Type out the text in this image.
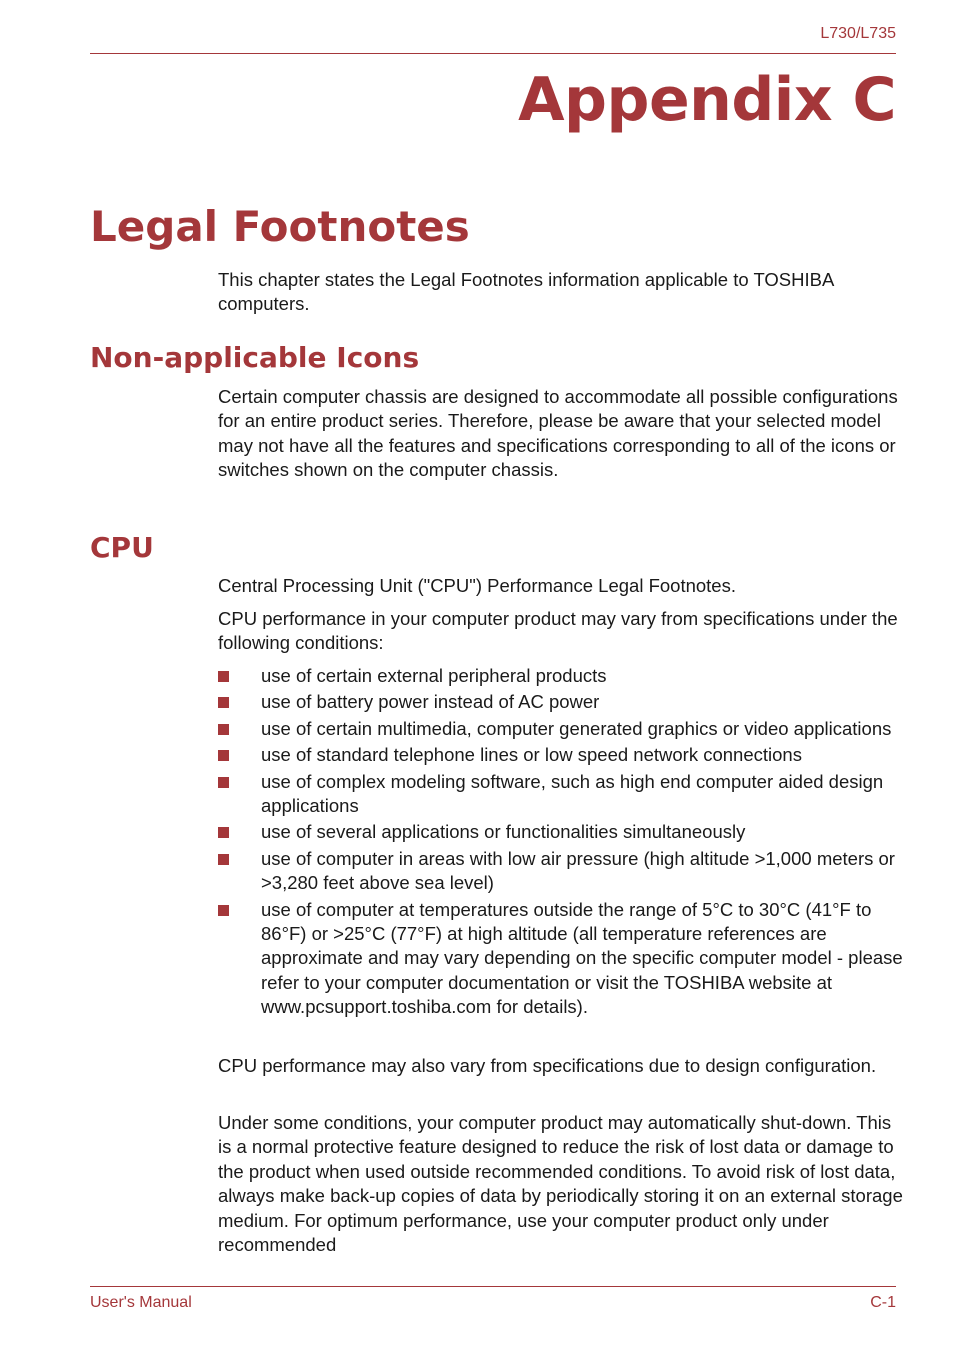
L730/L735
Appendix C
Legal Footnotes

This chapter states the Legal Footnotes information applicable to TOSHIBA computers.

Non-applicable Icons

Certain computer chassis are designed to accommodate all possible configurations for an entire product series. Therefore, please be aware that your selected model may not have all the features and specifications corresponding to all of the icons or switches shown on the computer chassis.

CPU

Central Processing Unit ("CPU") Performance Legal Footnotes.

CPU performance in your computer product may vary from specifications under the following conditions:

use of certain external peripheral products
use of battery power instead of AC power
use of certain multimedia, computer generated graphics or video applications
use of standard telephone lines or low speed network connections
use of complex modeling software, such as high end computer aided design applications
use of several applications or functionalities simultaneously
use of computer in areas with low air pressure (high altitude >1,000 meters or >3,280 feet above sea level)
use of computer at temperatures outside the range of 5°C to 30°C (41°F to 86°F) or >25°C (77°F) at high altitude (all temperature references are approximate and may vary depending on the specific computer model - please refer to your computer documentation or visit the TOSHIBA website at www.pcsupport.toshiba.com for details).

CPU performance may also vary from specifications due to design configuration.

Under some conditions, your computer product may automatically shut-down. This is a normal protective feature designed to reduce the risk of lost data or damage to the product when used outside recommended conditions. To avoid risk of lost data, always make back-up copies of data by periodically storing it on an external storage medium. For optimum performance, use your computer product only under recommended

User's Manual	C-1
